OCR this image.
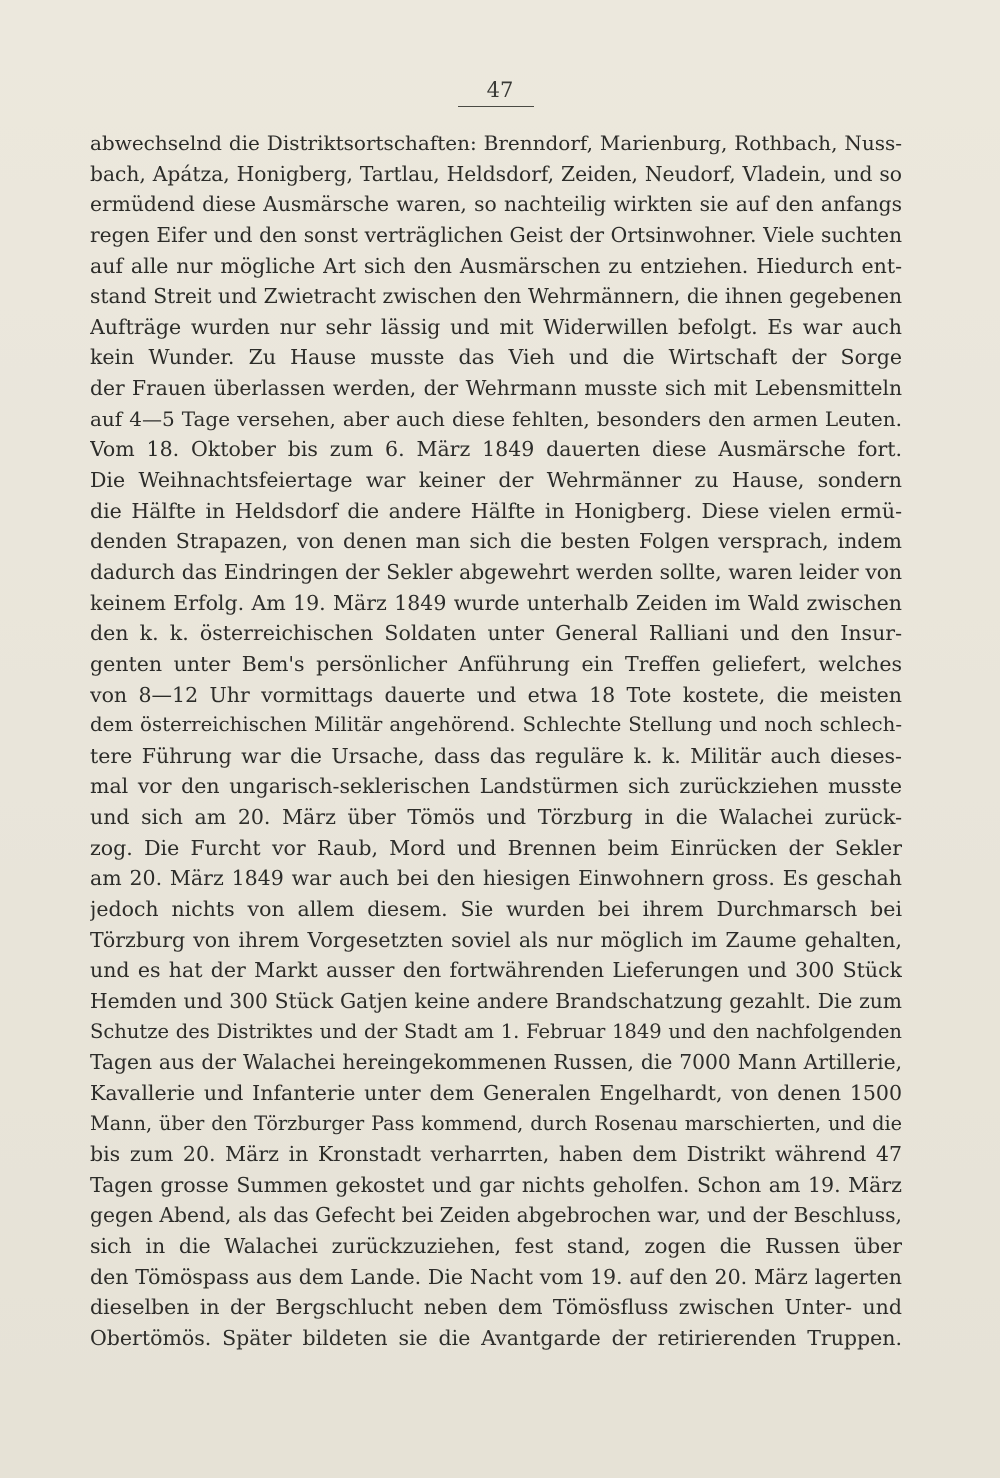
47
abwechselnd die Distriktsortschaften: Brenndorf, Marienburg, Rothbach, Nuss-
bach, Apátza, Honigberg, Tartlau, Heldsdorf, Zeiden, Neudorf, Vladein, und so
ermüdend diese Ausmärsche waren, so nachteilig wirkten sie auf den anfangs
regen Eifer und den sonst verträglichen Geist der Ortsinwohner. Viele suchten
auf alle nur mögliche Art sich den Ausmärschen zu entziehen. Hiedurch ent-
stand Streit und Zwietracht zwischen den Wehrmännern, die ihnen gegebenen
Aufträge wurden nur sehr lässig und mit Widerwillen befolgt. Es war auch
kein Wunder. Zu Hause musste das Vieh und die Wirtschaft der Sorge
der Frauen überlassen werden, der Wehrmann musste sich mit Lebensmitteln
auf 4—5 Tage versehen, aber auch diese fehlten, besonders den armen Leuten.
Vom 18. Oktober bis zum 6. März 1849 dauerten diese Ausmärsche fort.
Die Weihnachtsfeiertage war keiner der Wehrmänner zu Hause, sondern
die Hälfte in Heldsdorf die andere Hälfte in Honigberg. Diese vielen ermü-
denden Strapazen, von denen man sich die besten Folgen versprach, indem
dadurch das Eindringen der Sekler abgewehrt werden sollte, waren leider von
keinem Erfolg. Am 19. März 1849 wurde unterhalb Zeiden im Wald zwischen
den k. k. österreichischen Soldaten unter General Ralliani und den Insur-
genten unter Bem's persönlicher Anführung ein Treffen geliefert, welches
von 8—12 Uhr vormittags dauerte und etwa 18 Tote kostete, die meisten
dem österreichischen Militär angehörend. Schlechte Stellung und noch schlech-
tere Führung war die Ursache, dass das reguläre k. k. Militär auch dieses-
mal vor den ungarisch-seklerischen Landstürmen sich zurückziehen musste
und sich am 20. März über Tömös und Törzburg in die Walachei zurück-
zog. Die Furcht vor Raub, Mord und Brennen beim Einrücken der Sekler
am 20. März 1849 war auch bei den hiesigen Einwohnern gross. Es geschah
jedoch nichts von allem diesem. Sie wurden bei ihrem Durchmarsch bei
Törzburg von ihrem Vorgesetzten soviel als nur möglich im Zaume gehalten,
und es hat der Markt ausser den fortwährenden Lieferungen und 300 Stück
Hemden und 300 Stück Gatjen keine andere Brandschatzung gezahlt. Die zum
Schutze des Distriktes und der Stadt am 1. Februar 1849 und den nachfolgenden
Tagen aus der Walachei hereingekommenen Russen, die 7000 Mann Artillerie,
Kavallerie und Infanterie unter dem Generalen Engelhardt, von denen 1500
Mann, über den Törzburger Pass kommend, durch Rosenau marschierten, und die
bis zum 20. März in Kronstadt verharrten, haben dem Distrikt während 47
Tagen grosse Summen gekostet und gar nichts geholfen. Schon am 19. März
gegen Abend, als das Gefecht bei Zeiden abgebrochen war, und der Beschluss,
sich in die Walachei zurückzuziehen, fest stand, zogen die Russen über
den Tömöspass aus dem Lande. Die Nacht vom 19. auf den 20. März lagerten
dieselben in der Bergschlucht neben dem Tömösfluss zwischen Unter- und
Obertömös. Später bildeten sie die Avantgarde der retirierenden Truppen.
